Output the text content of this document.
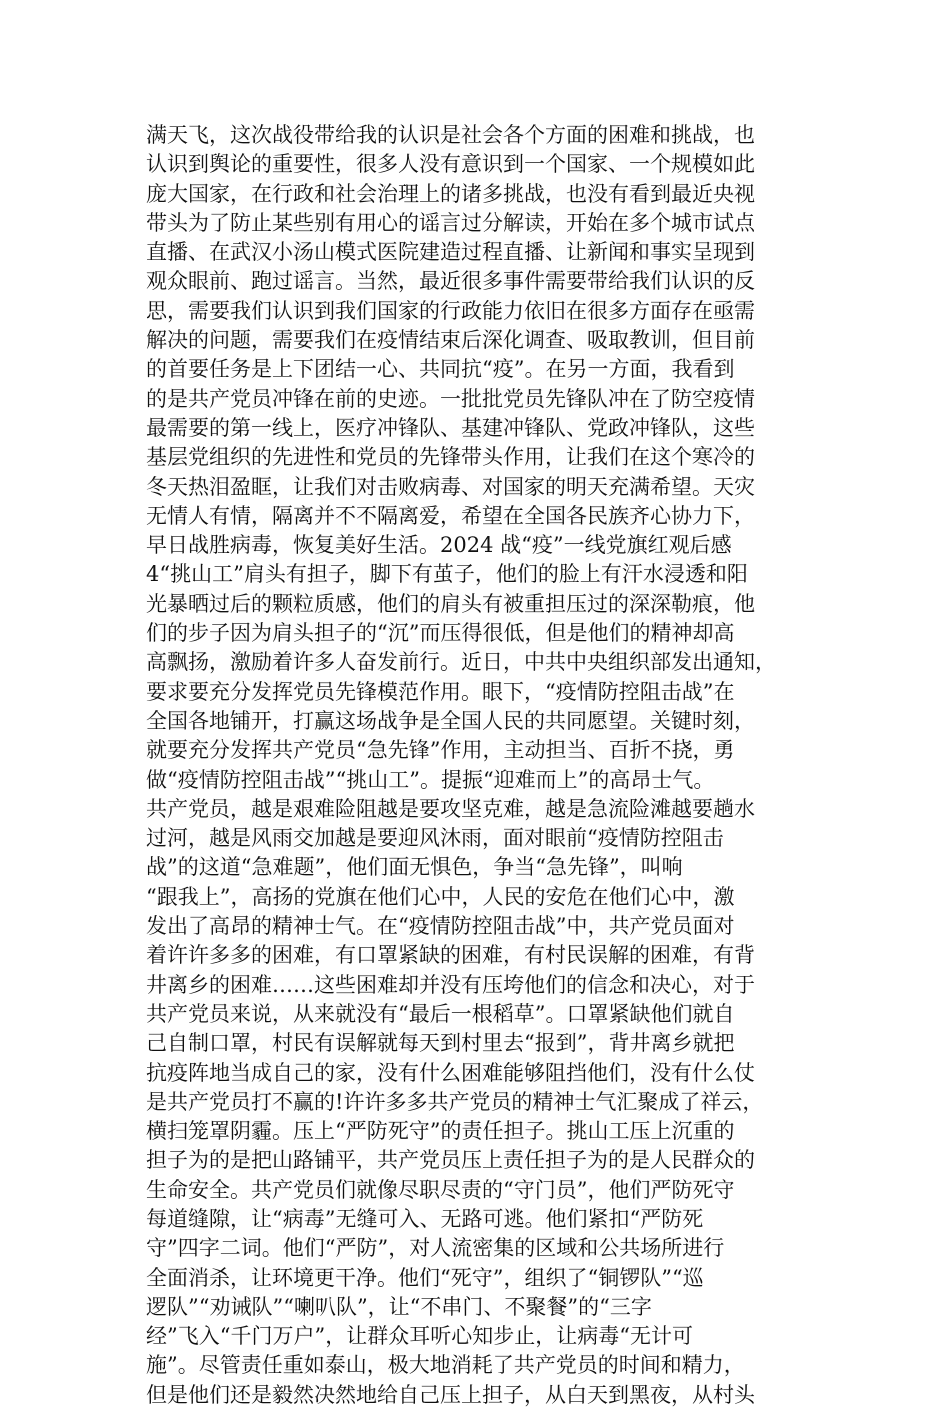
满天飞，这次战役带给我的认识是社会各个方面的困难和挑战，也
认识到舆论的重要性，很多人没有意识到一个国家、一个规模如此
庞大国家，在行政和社会治理上的诸多挑战，也没有看到最近央视
带头为了防止某些别有用心的谣言过分解读，开始在多个城市试点
直播、在武汉小汤山模式医院建造过程直播、让新闻和事实呈现到
观众眼前、跑过谣言。当然，最近很多事件需要带给我们认识的反
思，需要我们认识到我们国家的行政能力依旧在很多方面存在亟需
解决的问题，需要我们在疫情结束后深化调查、吸取教训，但目前
的首要任务是上下团结一心、共同抗“疫”。在另一方面，我看到
的是共产党员冲锋在前的史迹。一批批党员先锋队冲在了防空疫情
最需要的第一线上，医疗冲锋队、基建冲锋队、党政冲锋队，这些
基层党组织的先进性和党员的先锋带头作用，让我们在这个寒冷的
冬天热泪盈眶，让我们对击败病毒、对国家的明天充满希望。天灾
无情人有情，隔离并不不隔离爱，希望在全国各民族齐心协力下，
早日战胜病毒，恢复美好生活。2024 战“疫”一线党旗红观后感
4“挑山工”肩头有担子，脚下有茧子，他们的脸上有汗水浸透和阳
光暴晒过后的颗粒质感，他们的肩头有被重担压过的深深勒痕，他
们的步子因为肩头担子的“沉”而压得很低，但是他们的精神却高
高飘扬，激励着许多人奋发前行。近日，中共中央组织部发出通知，
要求要充分发挥党员先锋模范作用。眼下，“疫情防控阻击战”在
全国各地铺开，打赢这场战争是全国人民的共同愿望。关键时刻，
就要充分发挥共产党员“急先锋”作用，主动担当、百折不挠，勇
做“疫情防控阻击战”“挑山工”。提振“迎难而上”的高昂士气。
共产党员，越是艰难险阻越是要攻坚克难，越是急流险滩越要趟水
过河，越是风雨交加越是要迎风沐雨，面对眼前“疫情防控阻击
战”的这道“急难题”，他们面无惧色，争当“急先锋”，叫响
“跟我上”，高扬的党旗在他们心中，人民的安危在他们心中，激
发出了高昂的精神士气。在“疫情防控阻击战”中，共产党员面对
着许许多多的困难，有口罩紧缺的困难，有村民误解的困难，有背
井离乡的困难……这些困难却并没有压垮他们的信念和决心，对于
共产党员来说，从来就没有“最后一根稻草”。口罩紧缺他们就自
己自制口罩，村民有误解就每天到村里去“报到”，背井离乡就把
抗疫阵地当成自己的家，没有什么困难能够阻挡他们，没有什么仗
是共产党员打不赢的!许许多多共产党员的精神士气汇聚成了祥云，
横扫笼罩阴霾。压上“严防死守”的责任担子。挑山工压上沉重的
担子为的是把山路铺平，共产党员压上责任担子为的是人民群众的
生命安全。共产党员们就像尽职尽责的“守门员”，他们严防死守
每道缝隙，让“病毒”无缝可入、无路可逃。他们紧扣“严防死
守”四字二词。他们“严防”，对人流密集的区域和公共场所进行
全面消杀，让环境更干净。他们“死守”，组织了“铜锣队”“巡
逻队”“劝诫队”“喇叭队”，让“不串门、不聚餐”的“三字
经”飞入“千门万户”，让群众耳听心知步止，让病毒“无计可
施”。尽管责任重如泰山，极大地消耗了共产党员的时间和精力，
但是他们还是毅然决然地给自己压上担子，从白天到黑夜，从村头
